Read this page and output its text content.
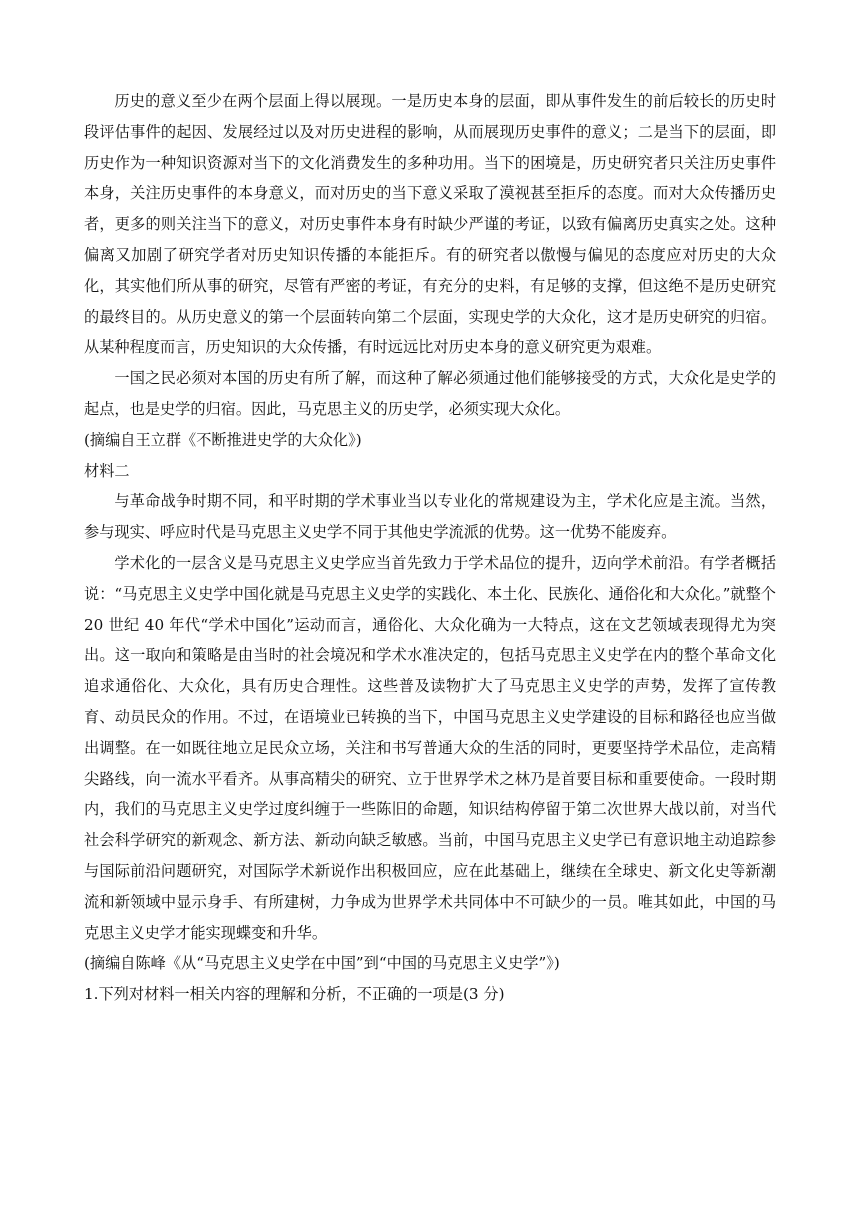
历史的意义至少在两个层面上得以展现。一是历史本身的层面，即从事件发生的前后较长的历史时段评估事件的起因、发展经过以及对历史进程的影响，从而展现历史事件的意义；二是当下的层面，即历史作为一种知识资源对当下的文化消费发生的多种功用。当下的困境是，历史研究者只关注历史事件本身，关注历史事件的本身意义，而对历史的当下意义采取了漠视甚至拒斥的态度。而对大众传播历史者，更多的则关注当下的意义，对历史事件本身有时缺少严谨的考证，以致有偏离历史真实之处。这种偏离又加剧了研究学者对历史知识传播的本能拒斥。有的研究者以傲慢与偏见的态度应对历史的大众化，其实他们所从事的研究，尽管有严密的考证，有充分的史料，有足够的支撑，但这绝不是历史研究的最终目的。从历史意义的第一个层面转向第二个层面，实现史学的大众化，这才是历史研究的归宿。从某种程度而言，历史知识的大众传播，有时远远比对历史本身的意义研究更为艰难。

一国之民必须对本国的历史有所了解，而这种了解必须通过他们能够接受的方式，大众化是史学的起点，也是史学的归宿。因此，马克思主义的历史学，必须实现大众化。

(摘编自王立群《不断推进史学的大众化》)

材料二

与革命战争时期不同，和平时期的学术事业当以专业化的常规建设为主，学术化应是主流。当然，参与现实、呼应时代是马克思主义史学不同于其他史学流派的优势。这一优势不能废弃。

学术化的一层含义是马克思主义史学应当首先致力于学术品位的提升，迈向学术前沿。有学者概括说：“马克思主义史学中国化就是马克思主义史学的实践化、本土化、民族化、通俗化和大众化。”就整个 20 世纪 40 年代“学术中国化”运动而言，通俗化、大众化确为一大特点，这在文艺领域表现得尤为突出。这一取向和策略是由当时的社会境况和学术水准决定的，包括马克思主义史学在内的整个革命文化追求通俗化、大众化，具有历史合理性。这些普及读物扩大了马克思主义史学的声势，发挥了宣传教育、动员民众的作用。不过，在语境业已转换的当下，中国马克思主义史学建设的目标和路径也应当做出调整。在一如既往地立足民众立场，关注和书写普通大众的生活的同时，更要坚持学术品位，走高精尖路线，向一流水平看齐。从事高精尖的研究、立于世界学术之林乃是首要目标和重要使命。一段时期内，我们的马克思主义史学过度纠缠于一些陈旧的命题，知识结构停留于第二次世界大战以前，对当代社会科学研究的新观念、新方法、新动向缺乏敏感。当前，中国马克思主义史学已有意识地主动追踪参与国际前沿问题研究，对国际学术新说作出积极回应，应在此基础上，继续在全球史、新文化史等新潮流和新领域中显示身手、有所建树，力争成为世界学术共同体中不可缺少的一员。唯其如此，中国的马克思主义史学才能实现蝶变和升华。

(摘编自陈峰《从“马克思主义史学在中国”到“中国的马克思主义史学”》)

1.下列对材料一相关内容的理解和分析，不正确的一项是(3 分)
